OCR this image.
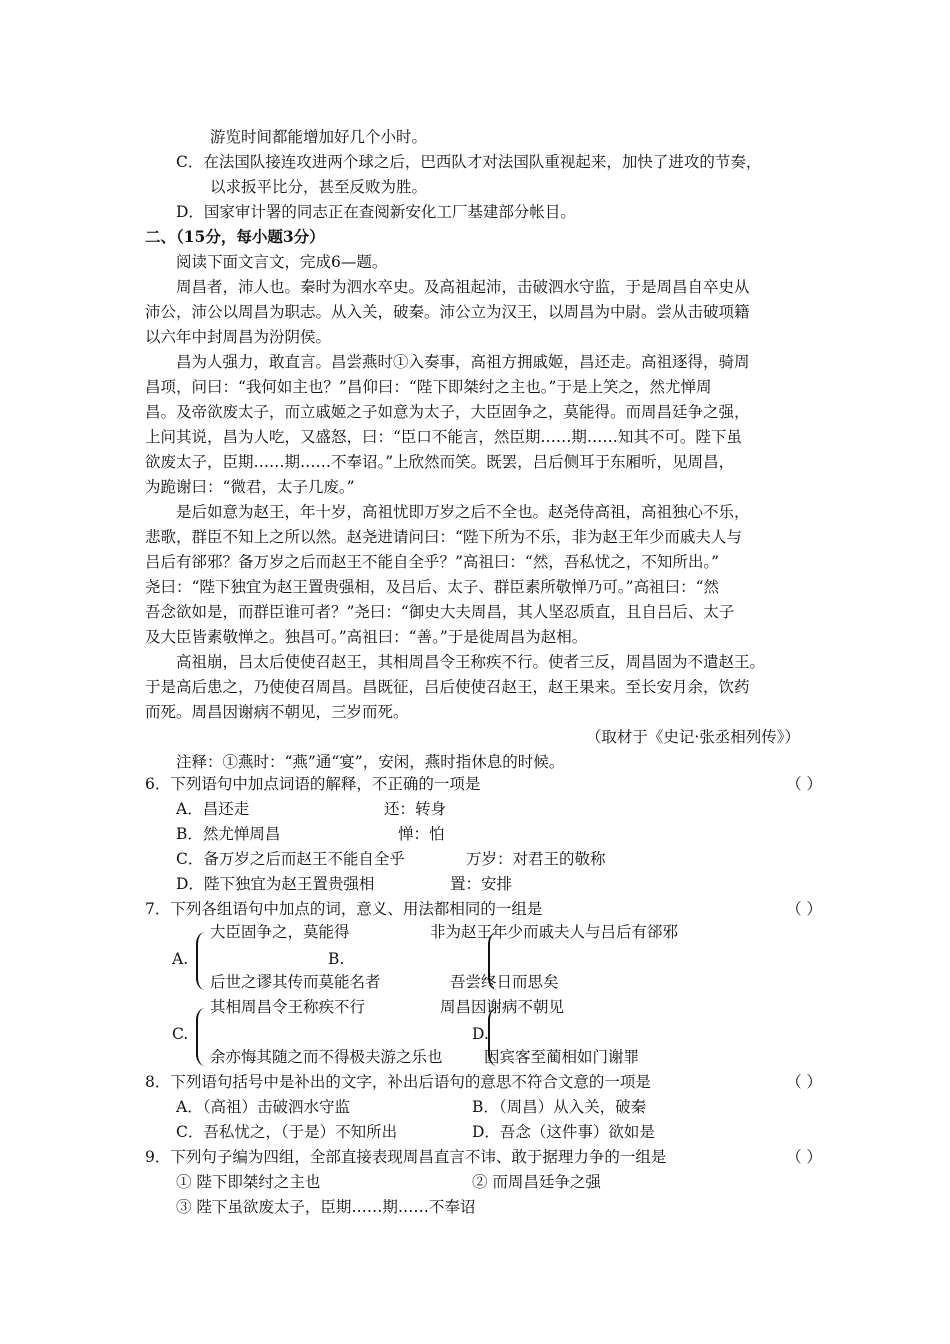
游览时间都能增加好几个小时。
C．在法国队接连攻进两个球之后，巴西队才对法国队重视起来，加快了进攻的节奏，
以求扳平比分，甚至反败为胜。
D．国家审计署的同志正在查阅新安化工厂基建部分帐目。
二、（15分，每小题3分）
阅读下面文言文，完成6—题。
周昌者，沛人也。秦时为泗水卒史。及高祖起沛，击破泗水守监，于是周昌自卒史从
沛公，沛公以周昌为职志。从入关，破秦。沛公立为汉王，以周昌为中尉。尝从击破项籍
以六年中封周昌为汾阴侯。
昌为人强力，敢直言。昌尝燕时①入奏事，高祖方拥戚姬，昌还走。高祖逐得，骑周
昌项，问曰：“我何如主也？”昌仰曰：“陛下即桀纣之主也。”于是上笑之，然尤惮周
昌。及帝欲废太子，而立戚姬之子如意为太子，大臣固争之，莫能得。而周昌廷争之强，
上问其说，昌为人吃，又盛怒，曰：“臣口不能言，然臣期……期……知其不可。陛下虽
欲废太子，臣期……期……不奉诏。”上欣然而笑。既罢，吕后侧耳于东厢听，见周昌，
为跪谢曰：“微君，太子几废。”
是后如意为赵王，年十岁，高祖忧即万岁之后不全也。赵尧侍高祖，高祖独心不乐，
悲歌，群臣不知上之所以然。赵尧进请问曰：“陛下所为不乐，非为赵王年少而戚夫人与
吕后有郤邪？备万岁之后而赵王不能自全乎？”高祖曰：“然，吾私忧之，不知所出。”
尧曰：“陛下独宜为赵王置贵强相，及吕后、太子、群臣素所敬惮乃可。”高祖曰：“然
吾念欲如是，而群臣谁可者？”尧曰：“御史大夫周昌，其人坚忍质直，且自吕后、太子
及大臣皆素敬惮之。独昌可。”高祖曰：“善。”于是徙周昌为赵相。
高祖崩，吕太后使使召赵王，其相周昌令王称疾不行。使者三反，周昌固为不遣赵王。
于是高后患之，乃使使召周昌。昌既征，吕后使使召赵王，赵王果来。至长安月余，饮药
而死。周昌因谢病不朝见，三岁而死。
（取材于《史记·张丞相列传》）
注释：①燕时：“燕”通“宴”，安闲，燕时指休息的时候。
6．下列语句中加点词语的解释，不正确的一项是	（ ）
A．昌还走	还：转身
B．然尤惮周昌	惮：怕
C．备万岁之后而赵王不能自全乎	万岁：对君王的敬称
D．陛下独宜为赵王置贵强相	置：安排
7．下列各组语句中加点的词，意义、用法都相同的一组是	（ ）
A.
大臣固争之，莫能得
后世之谬其传而莫能名者
B.
非为赵王年少而戚夫人与吕后有郤邪
吾尝终日而思矣
C.
其相周昌令王称疾不行
余亦悔其随之而不得极夫游之乐也
D.
周昌因谢病不朝见
因宾客至蔺相如门谢罪
8．下列语句括号中是补出的文字，补出后语句的意思不符合文意的一项是	（ ）
A．（高祖）击破泗水守监	B．（周昌）从入关，破秦
C．吾私忧之，（于是）不知所出	D．吾念（这件事）欲如是
9．下列句子编为四组，全部直接表现周昌直言不讳、敢于据理力争的一组是	（ ）
① 陛下即桀纣之主也	② 而周昌廷争之强
③ 陛下虽欲废太子，臣期……期……不奉诏
